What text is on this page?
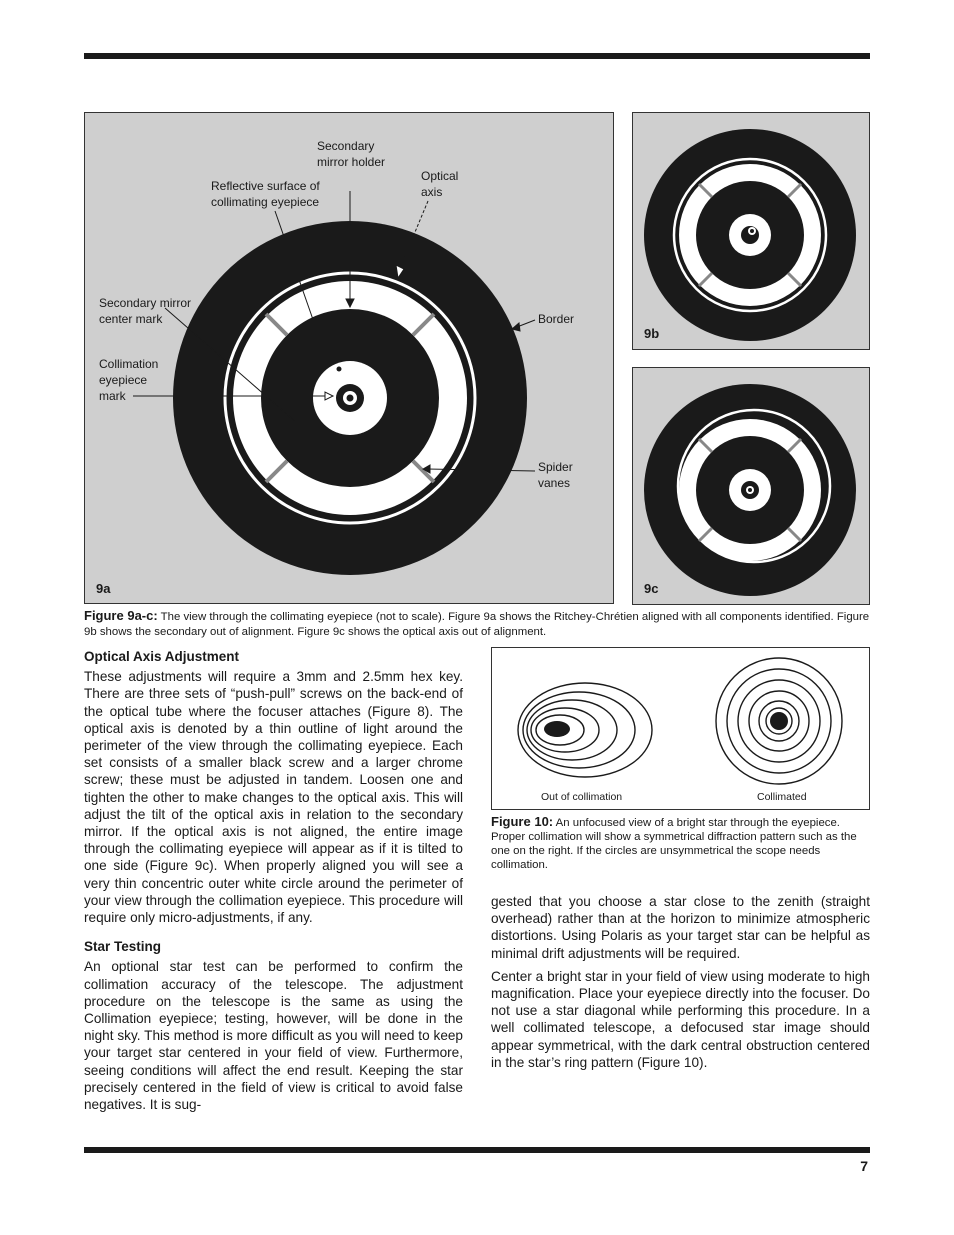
Secondary
mirror holder
Optical
axis
Reflective surface of
collimating eyepiece
Secondary mirror
center mark	Border
Collimation
eyepiece
mark
Spider
vanes
9a
9b
9c
Figure 9a-c: The view through the collimating eyepiece (not to scale). Figure 9a shows the Ritchey-Chrétien aligned with all components identified. Figure 9b shows the secondary out of alignment. Figure 9c shows the optical axis out of alignment.
Optical Axis Adjustment

These adjustments will require a 3mm and 2.5mm hex key. There are three sets of “push-pull” screws on the back-end of the optical tube where the focuser attaches (Figure 8). The optical axis is denoted by a thin outline of light around the perimeter of the view through the collimating eyepiece. Each set consists of a smaller black screw and a larger chrome screw; these must be adjusted in tandem. Loosen one and tighten the other to make changes to the optical axis. This will adjust the tilt of the optical axis in relation to the secondary mirror. If the optical axis is not aligned, the entire image through the collimating eyepiece will appear as if it is tilted to one side (Figure 9c). When properly aligned you will see a very thin concentric outer white circle around the perimeter of your view through the collimation eyepiece. This procedure will require only micro-adjustments, if any.

Star Testing

An optional star test can be performed to confirm the collimation accuracy of the telescope. The adjustment procedure on the telescope is the same as using the Collimation eyepiece; testing, however, will be done in the night sky. This method is more difficult as you will need to keep your target star centered in your field of view. Furthermore, seeing conditions will affect the end result. Keeping the star precisely centered in the field of view is critical to avoid false negatives. It is sug-

Out of collimation	Collimated
Figure 10: An unfocused view of a bright star through the eyepiece. Proper collimation will show a symmetrical diffraction pattern such as the one on the right. If the circles are unsymmetrical the scope needs collimation.

gested that you choose a star close to the zenith (straight overhead) rather than at the horizon to minimize atmospheric distortions. Using Polaris as your target star can be helpful as minimal drift adjustments will be required.

Center a bright star in your field of view using moderate to high magnification. Place your eyepiece directly into the focuser. Do not use a star diagonal while performing this procedure. In a well collimated telescope, a defocused star image should appear symmetrical, with the dark central obstruction centered in the star’s ring pattern (Figure 10).

7
